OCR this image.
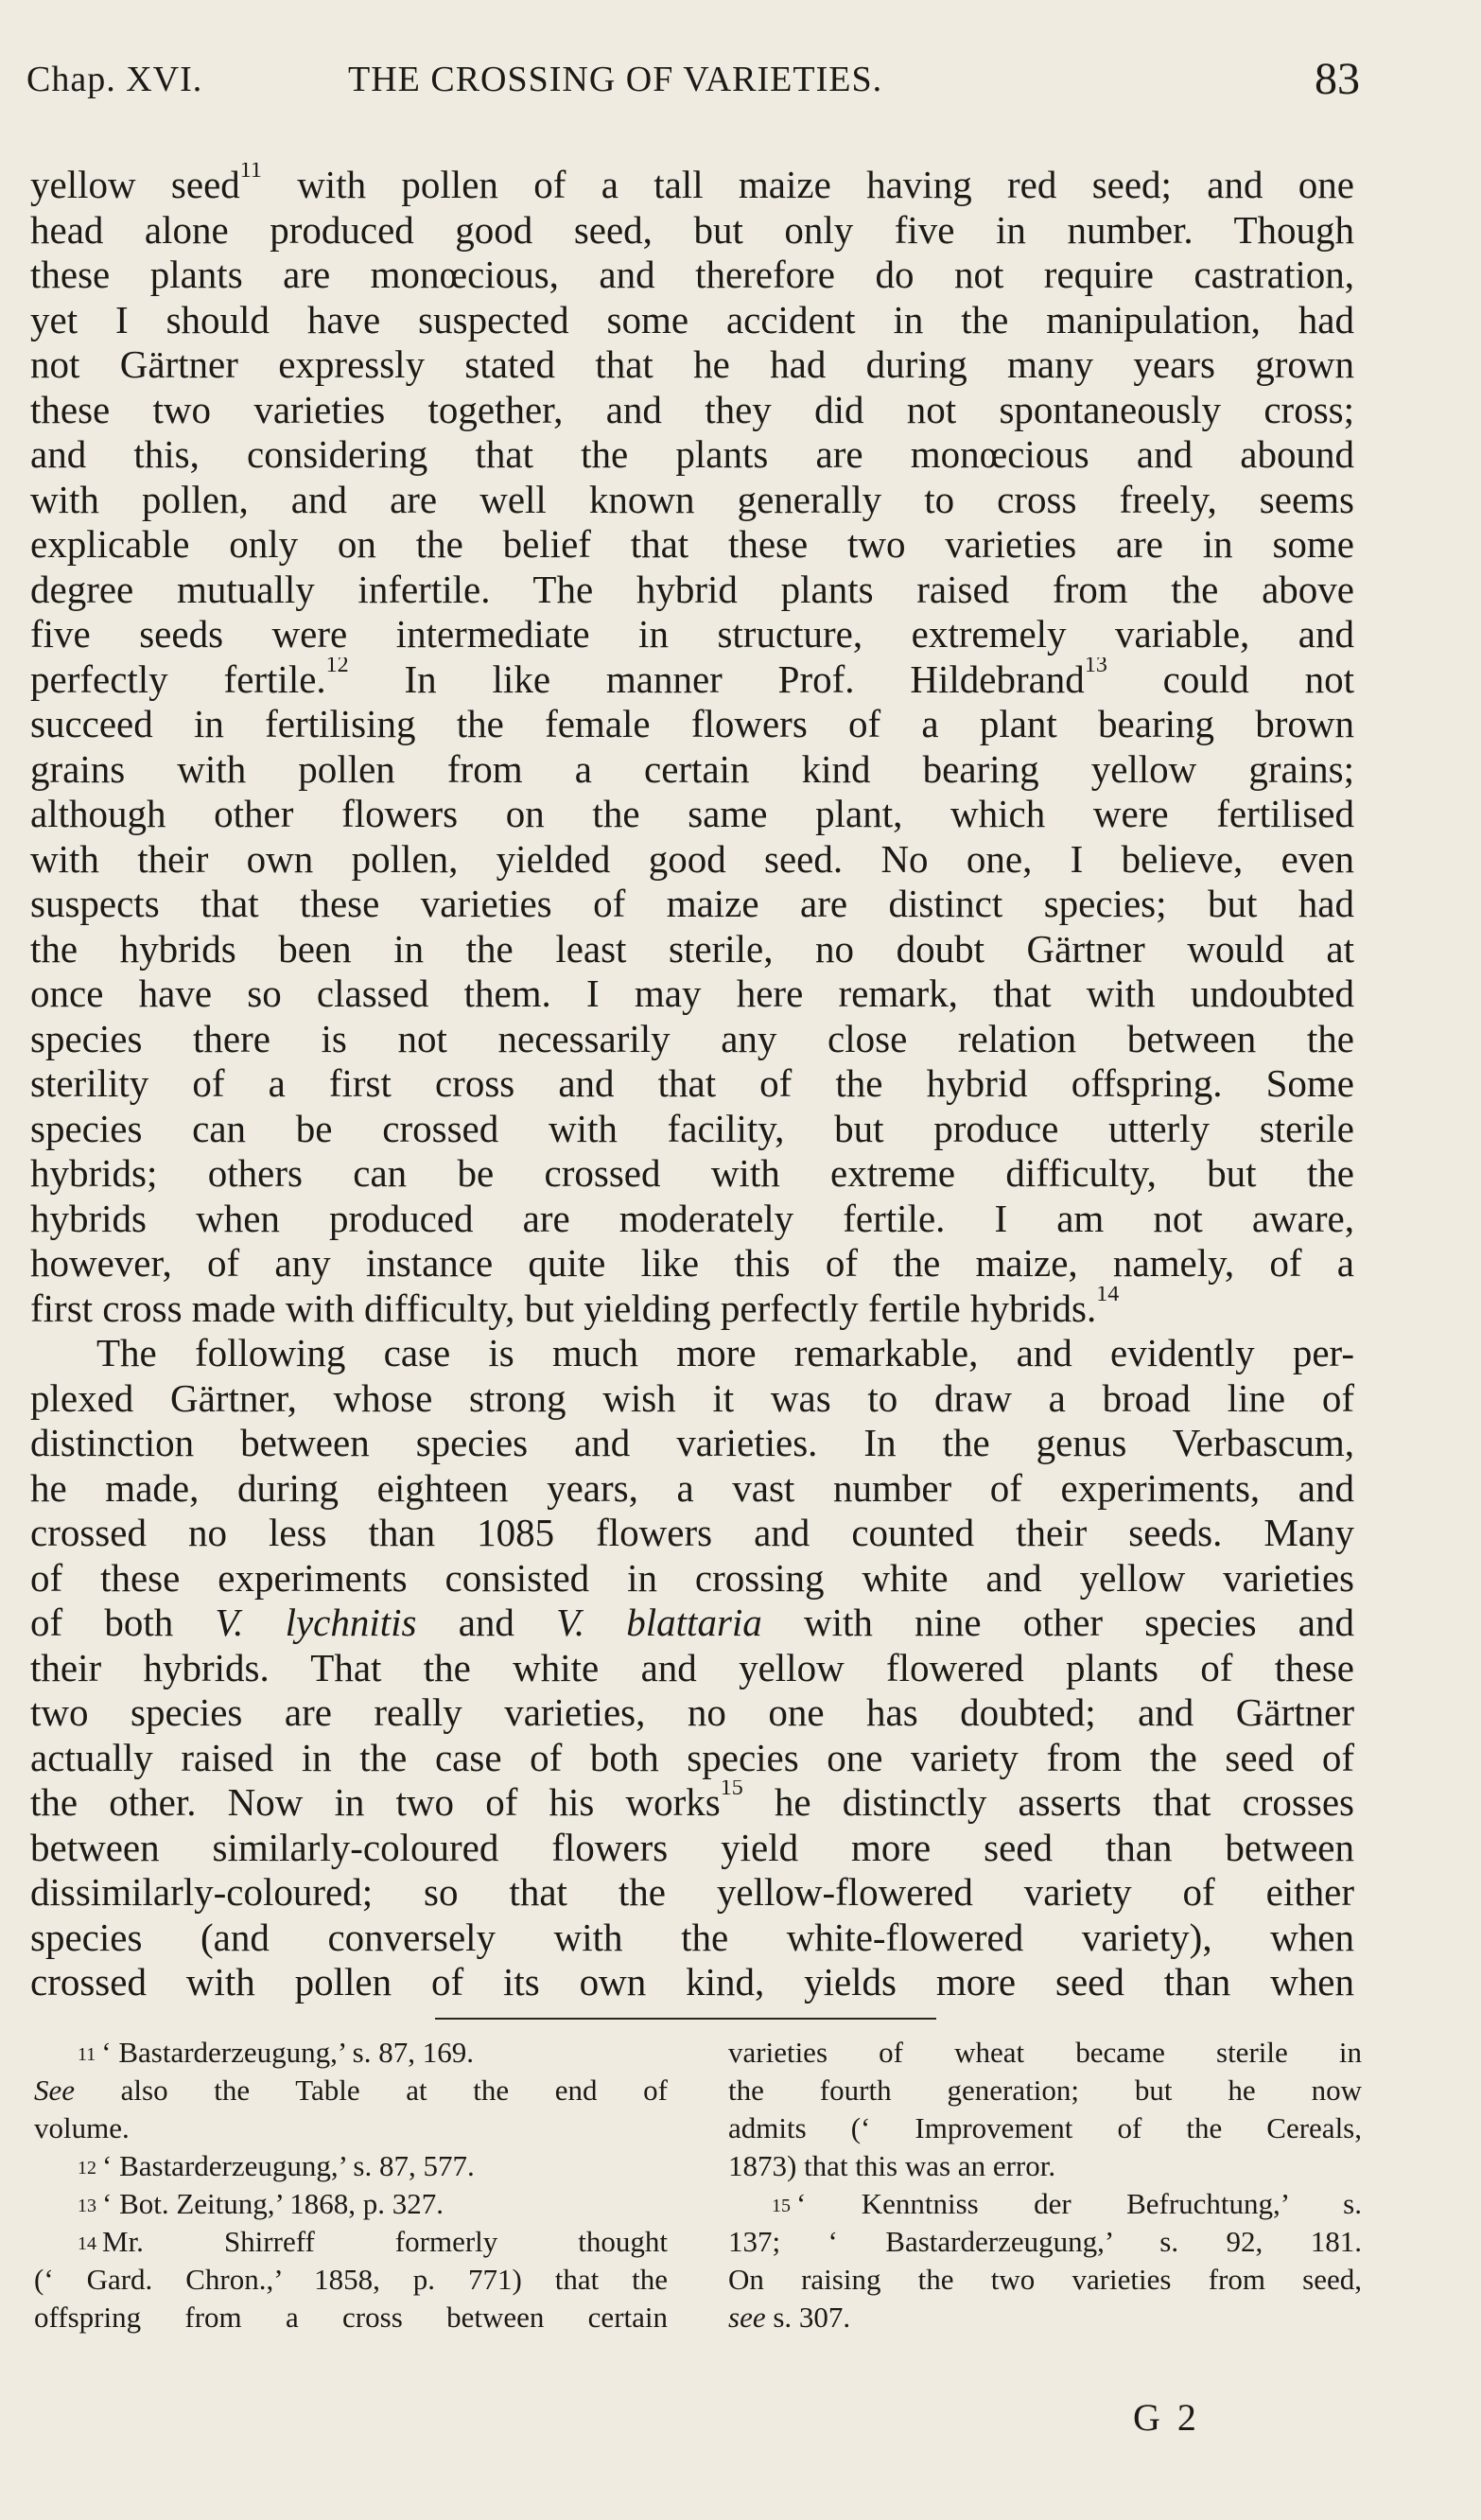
Chap. XVI.	THE CROSSING OF VARIETIES.	83
yellow seed$^{11}$ with pollen of a tall maize having red seed; and one
head alone produced good seed, but only five in number. Though
these plants are monœcious, and therefore do not require castration,
yet I should have suspected some accident in the manipulation, had
not Gärtner expressly stated that he had during many years grown
these two varieties together, and they did not spontaneously cross;
and this, considering that the plants are monœcious and abound
with pollen, and are well known generally to cross freely, seems
explicable only on the belief that these two varieties are in some
degree mutually infertile. The hybrid plants raised from the above
five seeds were intermediate in structure, extremely variable, and
perfectly fertile.$^{12}$ In like manner Prof. Hildebrand$^{13}$ could not
succeed in fertilising the female flowers of a plant bearing brown
grains with pollen from a certain kind bearing yellow grains;
although other flowers on the same plant, which were fertilised
with their own pollen, yielded good seed. No one, I believe, even
suspects that these varieties of maize are distinct species; but had
the hybrids been in the least sterile, no doubt Gärtner would at
once have so classed them. I may here remark, that with undoubted
species there is not necessarily any close relation between the
sterility of a first cross and that of the hybrid offspring. Some
species can be crossed with facility, but produce utterly sterile
hybrids; others can be crossed with extreme difficulty, but the
hybrids when produced are moderately fertile. I am not aware,
however, of any instance quite like this of the maize, namely, of a
first cross made with difficulty, but yielding perfectly fertile hybrids.$^{14}$
The following case is much more remarkable, and evidently per-
plexed Gärtner, whose strong wish it was to draw a broad line of
distinction between species and varieties. In the genus Verbascum,
he made, during eighteen years, a vast number of experiments, and
crossed no less than 1085 flowers and counted their seeds. Many
of these experiments consisted in crossing white and yellow varieties
of both V. lychnitis and V. blattaria with nine other species and
their hybrids. That the white and yellow flowered plants of these
two species are really varieties, no one has doubted; and Gärtner
actually raised in the case of both species one variety from the seed of
the other. Now in two of his works$^{15}$ he distinctly asserts that crosses
between similarly-coloured flowers yield more seed than between
dissimilarly-coloured; so that the yellow-flowered variety of either
species (and conversely with the white-flowered variety), when
crossed with pollen of its own kind, yields more seed than when
$^{11}$ ‘ Bastarderzeugung,’ s. 87, 169.
See also the Table at the end of
volume.
$^{12}$ ‘ Bastarderzeugung,’ s. 87, 577.
$^{13}$ ‘ Bot. Zeitung,’ 1868, p. 327.
$^{14}$ Mr. Shirreff formerly thought
(‘ Gard. Chron.,’ 1858, p. 771) that the
offspring from a cross between certain
varieties of wheat became sterile in
the fourth generation; but he now
admits (‘ Improvement of the Cereals,
1873) that this was an error.
$^{15}$ ‘ Kenntniss der Befruchtung,’ s.
137; ‘ Bastarderzeugung,’ s. 92, 181.
On raising the two varieties from seed,
see s. 307.
G 2
